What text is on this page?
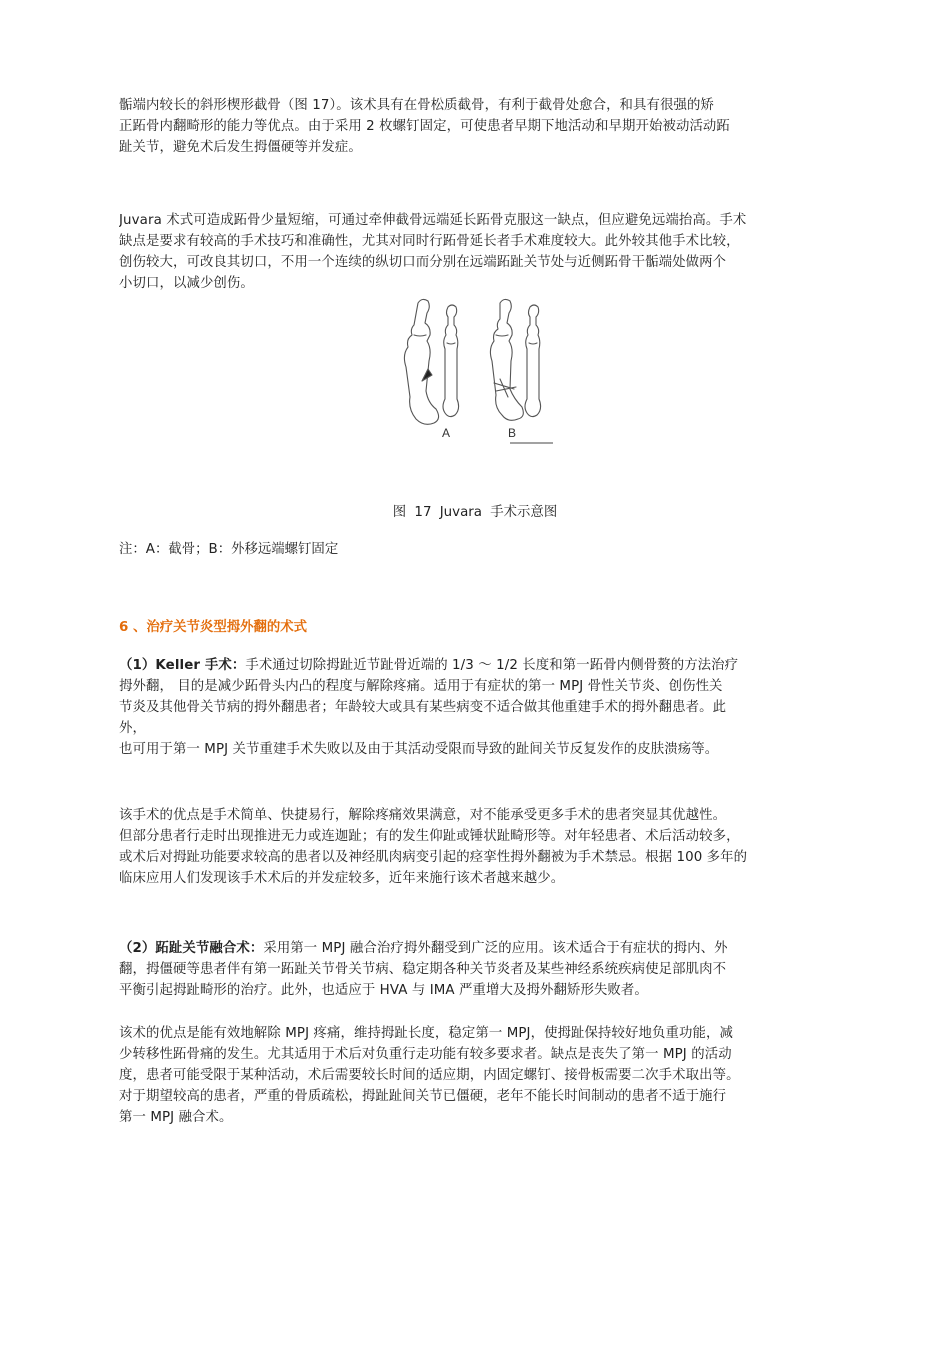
骺端内较长的斜形楔形截骨（图 17）。该术具有在骨松质截骨，有利于截骨处愈合，和具有很强的矫
正跖骨内翻畸形的能力等优点。由于采用 2 枚螺钉固定，可使患者早期下地活动和早期开始被动活动跖
趾关节，避免术后发生拇僵硬等并发症。
Juvara 术式可造成跖骨少量短缩，可通过牵伸截骨远端延长跖骨克服这一缺点，但应避免远端抬高。手术
缺点是要求有较高的手术技巧和准确性，尤其对同时行跖骨延长者手术难度较大。此外较其他手术比较，
创伤较大，可改良其切口，不用一个连续的纵切口而分别在远端跖趾关节处与近侧跖骨干骺端处做两个
小切口，以减少创伤。
A	B
图 17 Juvara 手术示意图
注：A：截骨；B：外移远端螺钉固定
6 、治疗关节炎型拇外翻的术式
（1）Keller 手术：手术通过切除拇趾近节趾骨近端的 1/3 ～ 1/2 长度和第一跖骨内侧骨赘的方法治疗
拇外翻， 目的是减少跖骨头内凸的程度与解除疼痛。适用于有症状的第一 MPJ 骨性关节炎、创伤性关
节炎及其他骨关节病的拇外翻患者；年龄较大或具有某些病变不适合做其他重建手术的拇外翻患者。此
外，
也可用于第一 MPJ 关节重建手术失败以及由于其活动受限而导致的趾间关节反复发作的皮肤溃疡等。
该手术的优点是手术简单、快捷易行，解除疼痛效果满意，对不能承受更多手术的患者突显其优越性。
但部分患者行走时出现推进无力或连迦趾；有的发生仰趾或锤状趾畸形等。对年轻患者、术后活动较多，
或术后对拇趾功能要求较高的患者以及神经肌肉病变引起的痉挛性拇外翻被为手术禁忌。根据 100 多年的
临床应用人们发现该手术术后的并发症较多，近年来施行该术者越来越少。
（2）跖趾关节融合术：采用第一 MPJ 融合治疗拇外翻受到广泛的应用。该术适合于有症状的拇内、外
翻，拇僵硬等患者伴有第一跖趾关节骨关节病、稳定期各种关节炎者及某些神经系统疾病使足部肌肉不
平衡引起拇趾畸形的治疗。此外，也适应于 HVA 与 IMA 严重增大及拇外翻矫形失败者。
该术的优点是能有效地解除 MPJ 疼痛，维持拇趾长度，稳定第一 MPJ，使拇趾保持较好地负重功能，减
少转移性跖骨痛的发生。尤其适用于术后对负重行走功能有较多要求者。缺点是丧失了第一 MPJ 的活动
度，患者可能受限于某种活动，术后需要较长时间的适应期，内固定螺钉、接骨板需要二次手术取出等。
对于期望较高的患者，严重的骨质疏松，拇趾趾间关节已僵硬，老年不能长时间制动的患者不适于施行
第一 MPJ 融合术。
